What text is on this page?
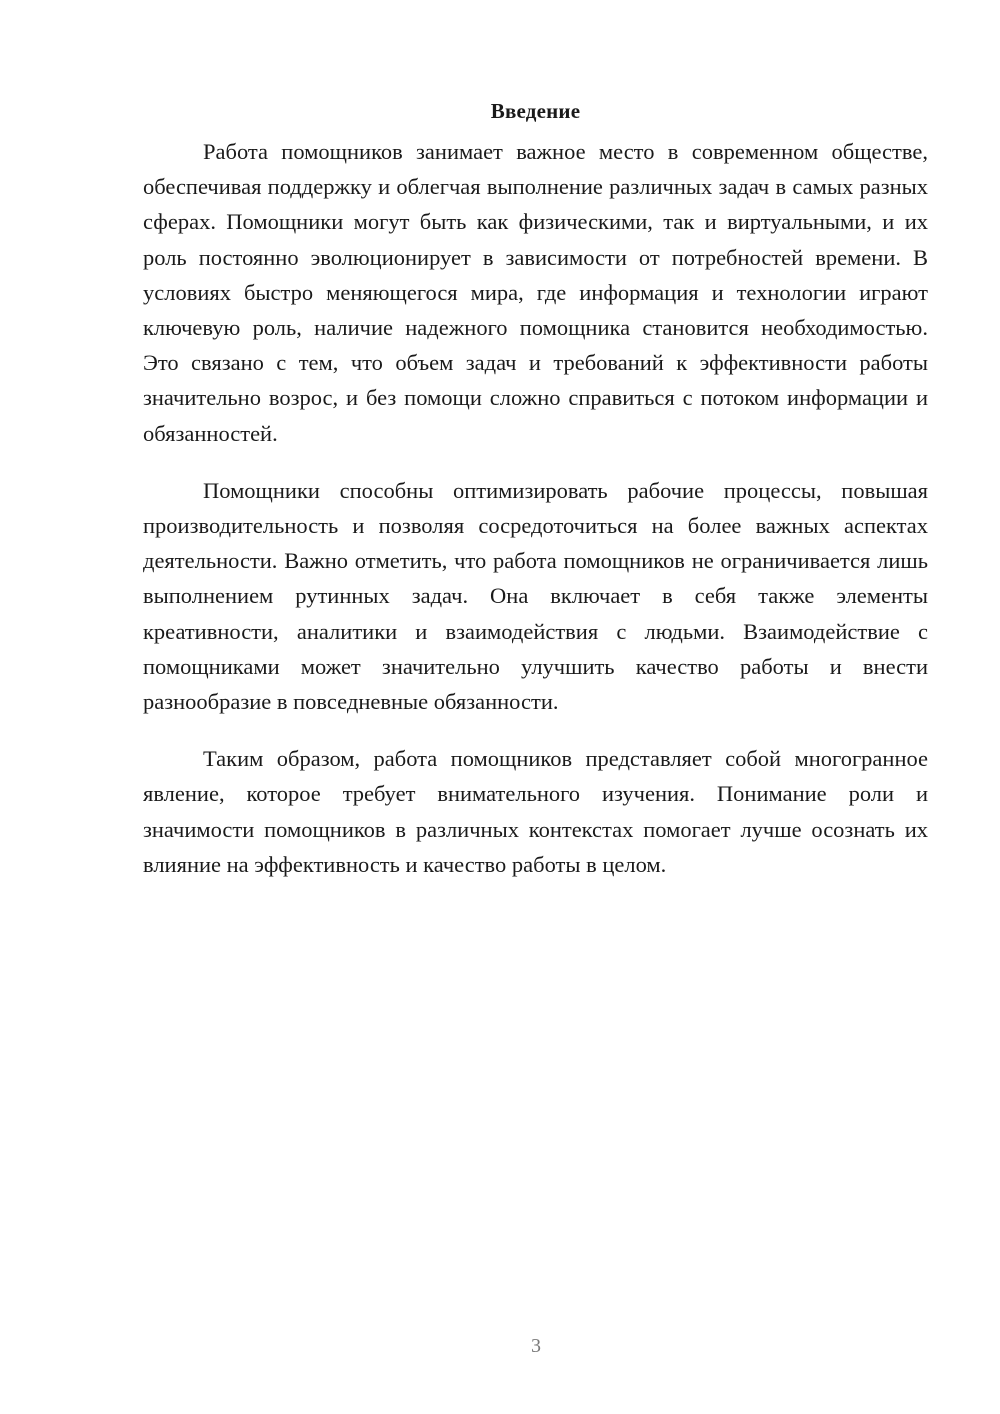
Введение

Работа помощников занимает важное место в современном обществе, обеспечивая поддержку и облегчая выполнение различных задач в самых разных сферах. Помощники могут быть как физическими, так и виртуальными, и их роль постоянно эволюционирует в зависимости от потребностей времени. В условиях быстро меняющегося мира, где информация и технологии играют ключевую роль, наличие надежного помощника становится необходимостью. Это связано с тем, что объем задач и требований к эффективности работы значительно возрос, и без помощи сложно справиться с потоком информации и обязанностей.

Помощники способны оптимизировать рабочие процессы, повышая производительность и позволяя сосредоточиться на более важных аспектах деятельности. Важно отметить, что работа помощников не ограничивается лишь выполнением рутинных задач. Она включает в себя также элементы креативности, аналитики и взаимодействия с людьми. Взаимодействие с помощниками может значительно улучшить качество работы и внести разнообразие в повседневные обязанности.

Таким образом, работа помощников представляет собой многогранное явление, которое требует внимательного изучения. Понимание роли и значимости помощников в различных контекстах помогает лучше осознать их влияние на эффективность и качество работы в целом.

3
